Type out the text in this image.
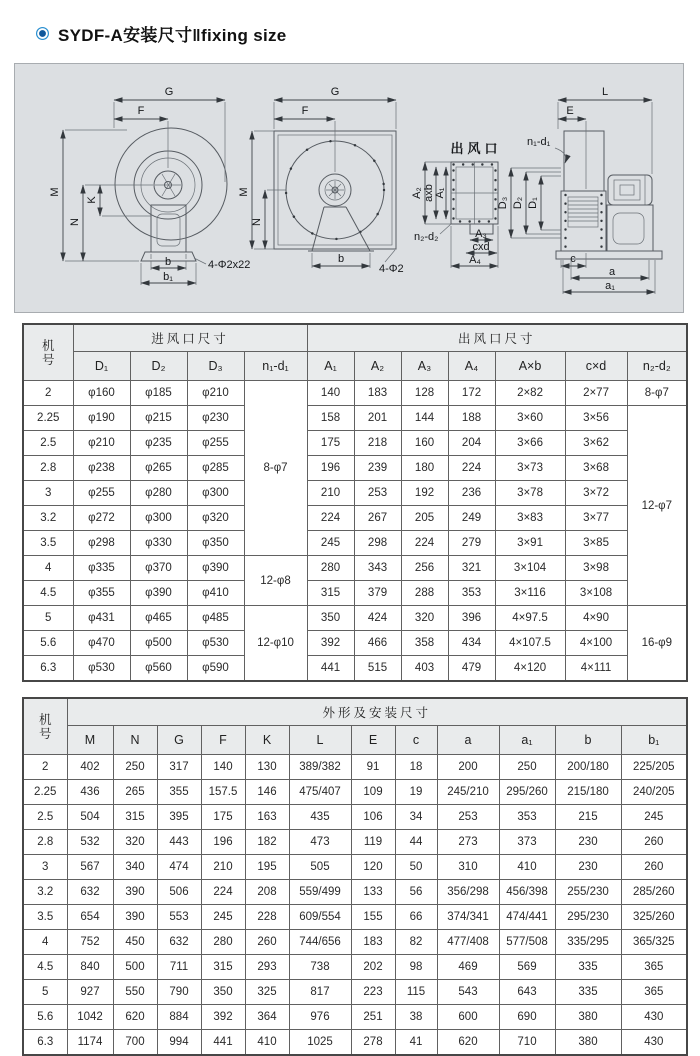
SYDF-A安装尺寸‖fixing size
G
F
M
N
K
b
b₁
4-Φ2x22
G
F
M
N
b
4-Φ2
出风口
A₃
cxd
A₄
A₂ axb A₁
n₂-d₂
D₃ D₂ D₁
L
E
n₁-d₁
c
a
a₁
机
号	进风口尺寸				出风口尺寸						
	D₁	D₂	D₃	n₁-d₁	A₁	A₂	A₃	A₄	A×b	c×d	n₂-d₂
2	φ160	φ185	φ210	8-φ7	140	183	128	172	2×82	2×77	8-φ7
2.25	φ190	φ215	φ230		158	201	144	188	3×60	3×56	12-φ7
2.5	φ210	φ235	φ255		175	218	160	204	3×66	3×62	
2.8	φ238	φ265	φ285		196	239	180	224	3×73	3×68	
3	φ255	φ280	φ300		210	253	192	236	3×78	3×72	
3.2	φ272	φ300	φ320		224	267	205	249	3×83	3×77	
3.5	φ298	φ330	φ350		245	298	224	279	3×91	3×85	
4	φ335	φ370	φ390	12-φ8	280	343	256	321	3×104	3×98	
4.5	φ355	φ390	φ410		315	379	288	353	3×116	3×108	
5	φ431	φ465	φ485	12-φ10	350	424	320	396	4×97.5	4×90	16-φ9
5.6	φ470	φ500	φ530		392	466	358	434	4×107.5	4×100	
6.3	φ530	φ560	φ590		441	515	403	479	4×120	4×111	
机
号	外形及安装尺寸											
	M	N	G	F	K	L	E	c	a	a₁	b	b₁
2	402	250	317	140	130	389/382	91	18	200	250	200/180	225/205
2.25	436	265	355	157.5	146	475/407	109	19	245/210	295/260	215/180	240/205
2.5	504	315	395	175	163	435	106	34	253	353	215	245
2.8	532	320	443	196	182	473	119	44	273	373	230	260
3	567	340	474	210	195	505	120	50	310	410	230	260
3.2	632	390	506	224	208	559/499	133	56	356/298	456/398	255/230	285/260
3.5	654	390	553	245	228	609/554	155	66	374/341	474/441	295/230	325/260
4	752	450	632	280	260	744/656	183	82	477/408	577/508	335/295	365/325
4.5	840	500	711	315	293	738	202	98	469	569	335	365
5	927	550	790	350	325	817	223	115	543	643	335	365
5.6	1042	620	884	392	364	976	251	38	600	690	380	430
6.3	1174	700	994	441	410	1025	278	41	620	710	380	430
